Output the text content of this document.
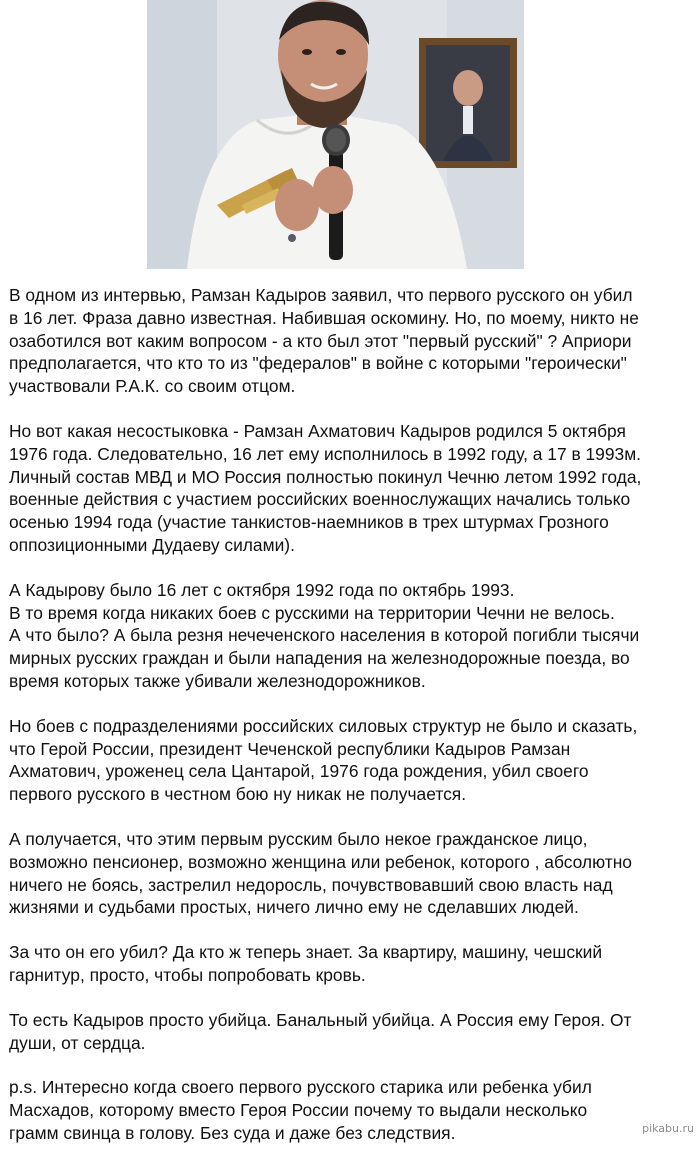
В одном из интервью, Рамзан Кадыров заявил, что первого русского он убил
в 16 лет. Фраза давно известная. Набившая оскомину. Но, по моему, никто не
озаботился вот каким вопросом - а кто был этот "первый русский" ? Априори
предполагается, что кто то из "федералов" в войне с которыми "героически"
участвовали Р.А.К. со своим отцом.

Но вот какая несостыковка - Рамзан Ахматович Кадыров родился 5 октября
1976 года. Следовательно, 16 лет ему исполнилось в 1992 году, а 17 в 1993м.
Личный состав МВД и МО Россия полностью покинул Чечню летом 1992 года,
военные действия с участием российских военнослужащих начались только
осенью 1994 года (участие танкистов-наемников в трех штурмах Грозного
оппозиционными Дудаеву силами).

А Кадырову было 16 лет с октября 1992 года по октябрь 1993.
В то время когда никаких боев с русскими на территории Чечни не велось.
А что было? А была резня нечеченского населения в которой погибли тысячи
мирных русских граждан и были нападения на железнодорожные поезда, во
время которых также убивали железнодорожников.

Но боев с подразделениями российских силовых структур не было и сказать,
что Герой России, президент Чеченской республики Кадыров Рамзан
Ахматович, уроженец села Цантарой, 1976 года рождения, убил своего
первого русского в честном бою ну никак не получается.

А получается, что этим первым русским было некое гражданское лицо,
возможно пенсионер, возможно женщина или ребенок, которого , абсолютно
ничего не боясь, застрелил недоросль, почувствовавший свою власть над
жизнями и судьбами простых, ничего лично ему не сделавших людей.

За что он его убил? Да кто ж теперь знает. За квартиру, машину, чешский
гарнитур, просто, чтобы попробовать кровь.

То есть Кадыров просто убийца. Банальный убийца. А Россия ему Героя. От
души, от сердца.

p.s. Интересно когда своего первого русского старика или ребенка убил
Масхадов, которому вместо Героя России почему то выдали несколько
грамм свинца в голову. Без суда и даже без следствия.	pikabu.ru
